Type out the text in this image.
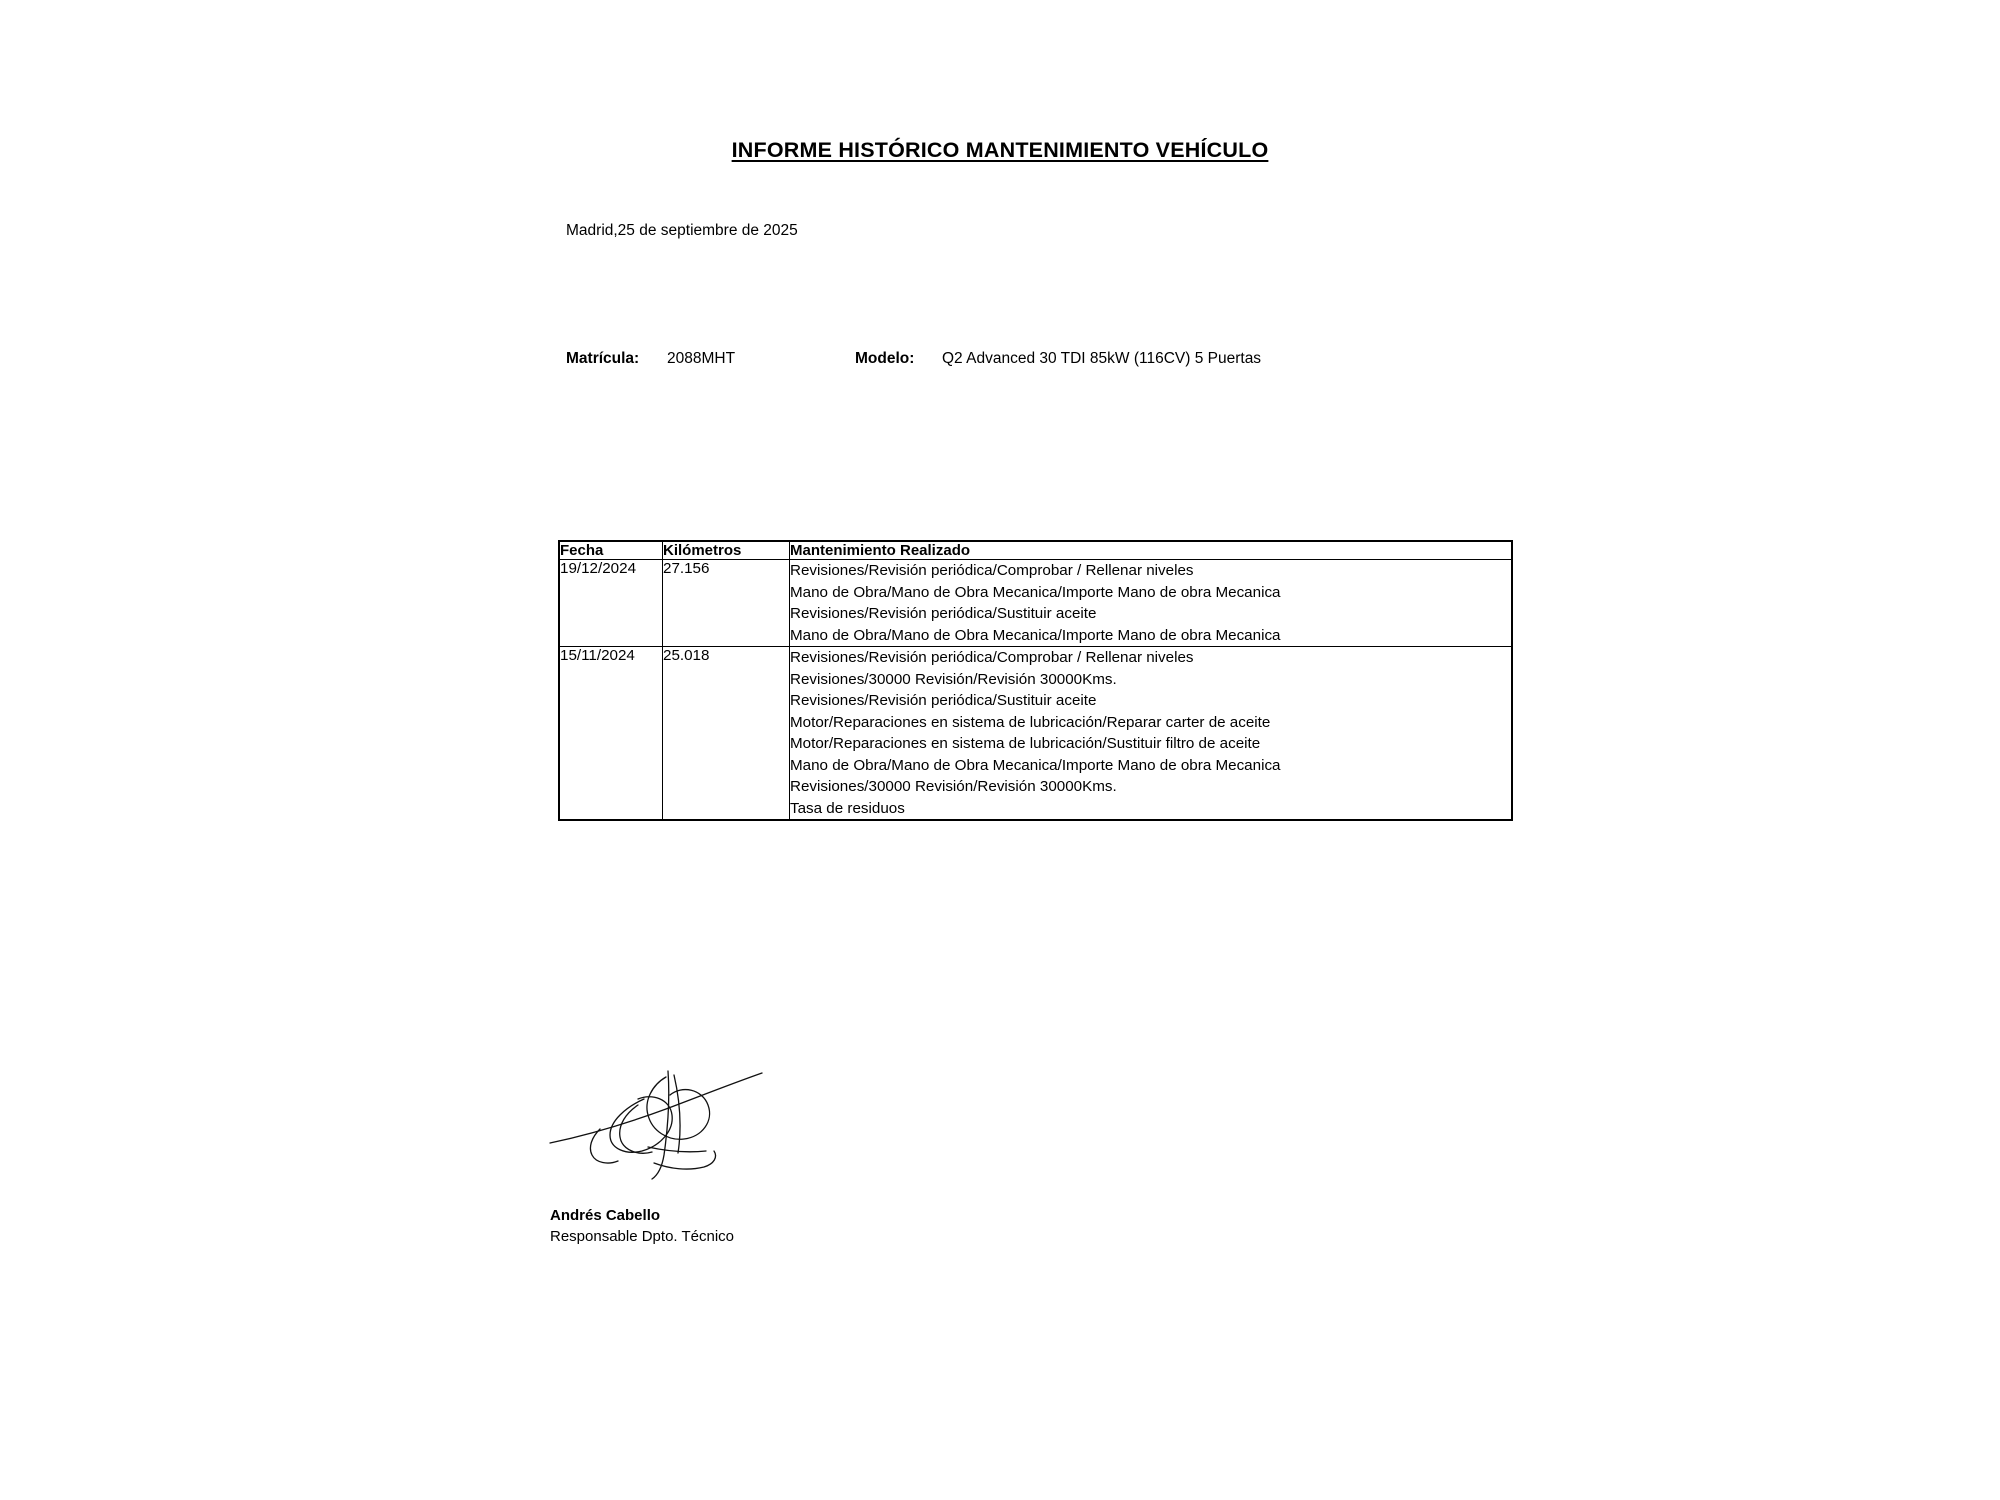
INFORME HISTÓRICO MANTENIMIENTO VEHÍCULO
Madrid,25 de septiembre de 2025
Matrícula: 2088MHT	Modelo: Q2 Advanced 30 TDI 85kW (116CV) 5 Puertas
Fecha	Kilómetros	Mantenimiento Realizado
19/12/2024	27.156	Revisiones/Revisión periódica/Comprobar / Rellenar niveles
Mano de Obra/Mano de Obra Mecanica/Importe Mano de obra Mecanica
Revisiones/Revisión periódica/Sustituir aceite
Mano de Obra/Mano de Obra Mecanica/Importe Mano de obra Mecanica

15/11/2024	25.018	Revisiones/Revisión periódica/Comprobar / Rellenar niveles
Revisiones/30000 Revisión/Revisión 30000Kms.
Revisiones/Revisión periódica/Sustituir aceite
Motor/Reparaciones en sistema de lubricación/Reparar carter de aceite
Motor/Reparaciones en sistema de lubricación/Sustituir filtro de aceite
Mano de Obra/Mano de Obra Mecanica/Importe Mano de obra Mecanica
Revisiones/30000 Revisión/Revisión 30000Kms.
Tasa de residuos
Andrés Cabello
Responsable Dpto. Técnico
